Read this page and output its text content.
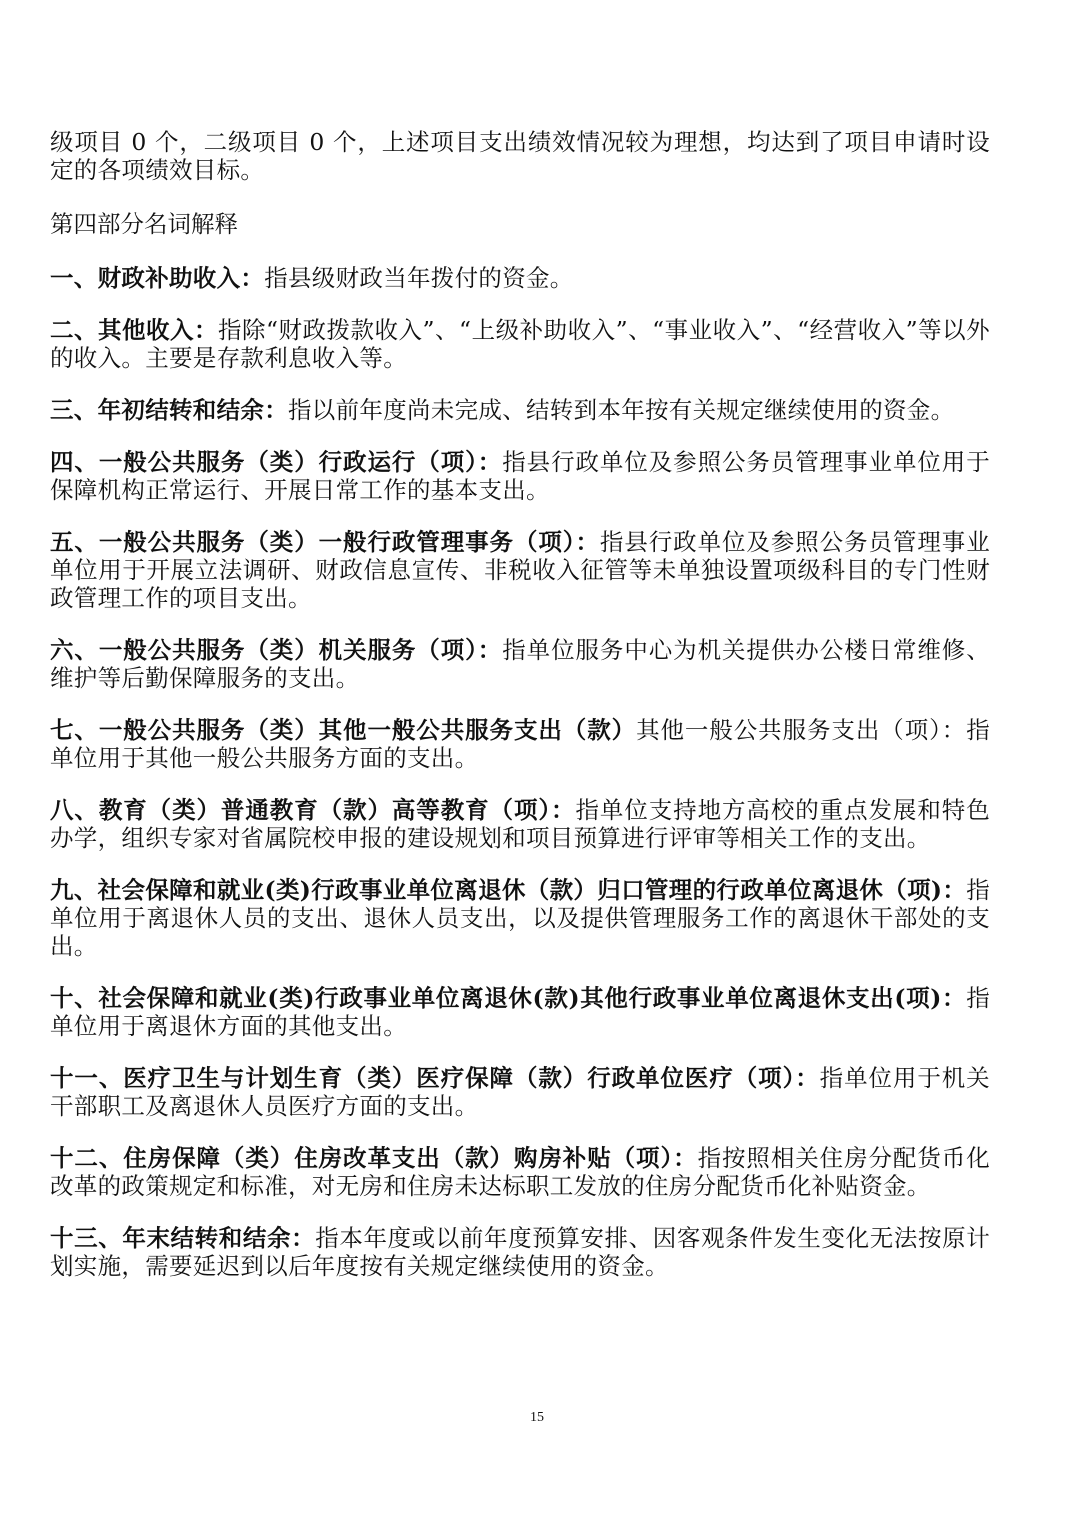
级项目 0 个，二级项目 0 个，上述项目支出绩效情况较为理想，均达到了项目申请时设定的各项绩效目标。

第四部分名词解释

一、财政补助收入：指县级财政当年拨付的资金。

二、其他收入：指除“财政拨款收入”、“上级补助收入”、“事业收入”、“经营收入”等以外的收入。主要是存款利息收入等。

三、年初结转和结余：指以前年度尚未完成、结转到本年按有关规定继续使用的资金。

四、一般公共服务（类）行政运行（项）：指县行政单位及参照公务员管理事业单位用于保障机构正常运行、开展日常工作的基本支出。

五、一般公共服务（类）一般行政管理事务（项）：指县行政单位及参照公务员管理事业单位用于开展立法调研、财政信息宣传、非税收入征管等未单独设置项级科目的专门性财政管理工作的项目支出。

六、一般公共服务（类）机关服务（项）：指单位服务中心为机关提供办公楼日常维修、维护等后勤保障服务的支出。

七、一般公共服务（类）其他一般公共服务支出（款）其他一般公共服务支出（项）：指单位用于其他一般公共服务方面的支出。

八、教育（类）普通教育（款）高等教育（项）：指单位支持地方高校的重点发展和特色办学，组织专家对省属院校申报的建设规划和项目预算进行评审等相关工作的支出。

九、社会保障和就业(类)行政事业单位离退休（款）归口管理的行政单位离退休（项)：指单位用于离退休人员的支出、退休人员支出，以及提供管理服务工作的离退休干部处的支出。

十、社会保障和就业(类)行政事业单位离退休(款)其他行政事业单位离退休支出(项)：指单位用于离退休方面的其他支出。

十一、医疗卫生与计划生育（类）医疗保障（款）行政单位医疗（项）：指单位用于机关干部职工及离退休人员医疗方面的支出。

十二、住房保障（类）住房改革支出（款）购房补贴（项）：指按照相关住房分配货币化改革的政策规定和标准，对无房和住房未达标职工发放的住房分配货币化补贴资金。

十三、年末结转和结余：指本年度或以前年度预算安排、因客观条件发生变化无法按原计划实施，需要延迟到以后年度按有关规定继续使用的资金。

15
